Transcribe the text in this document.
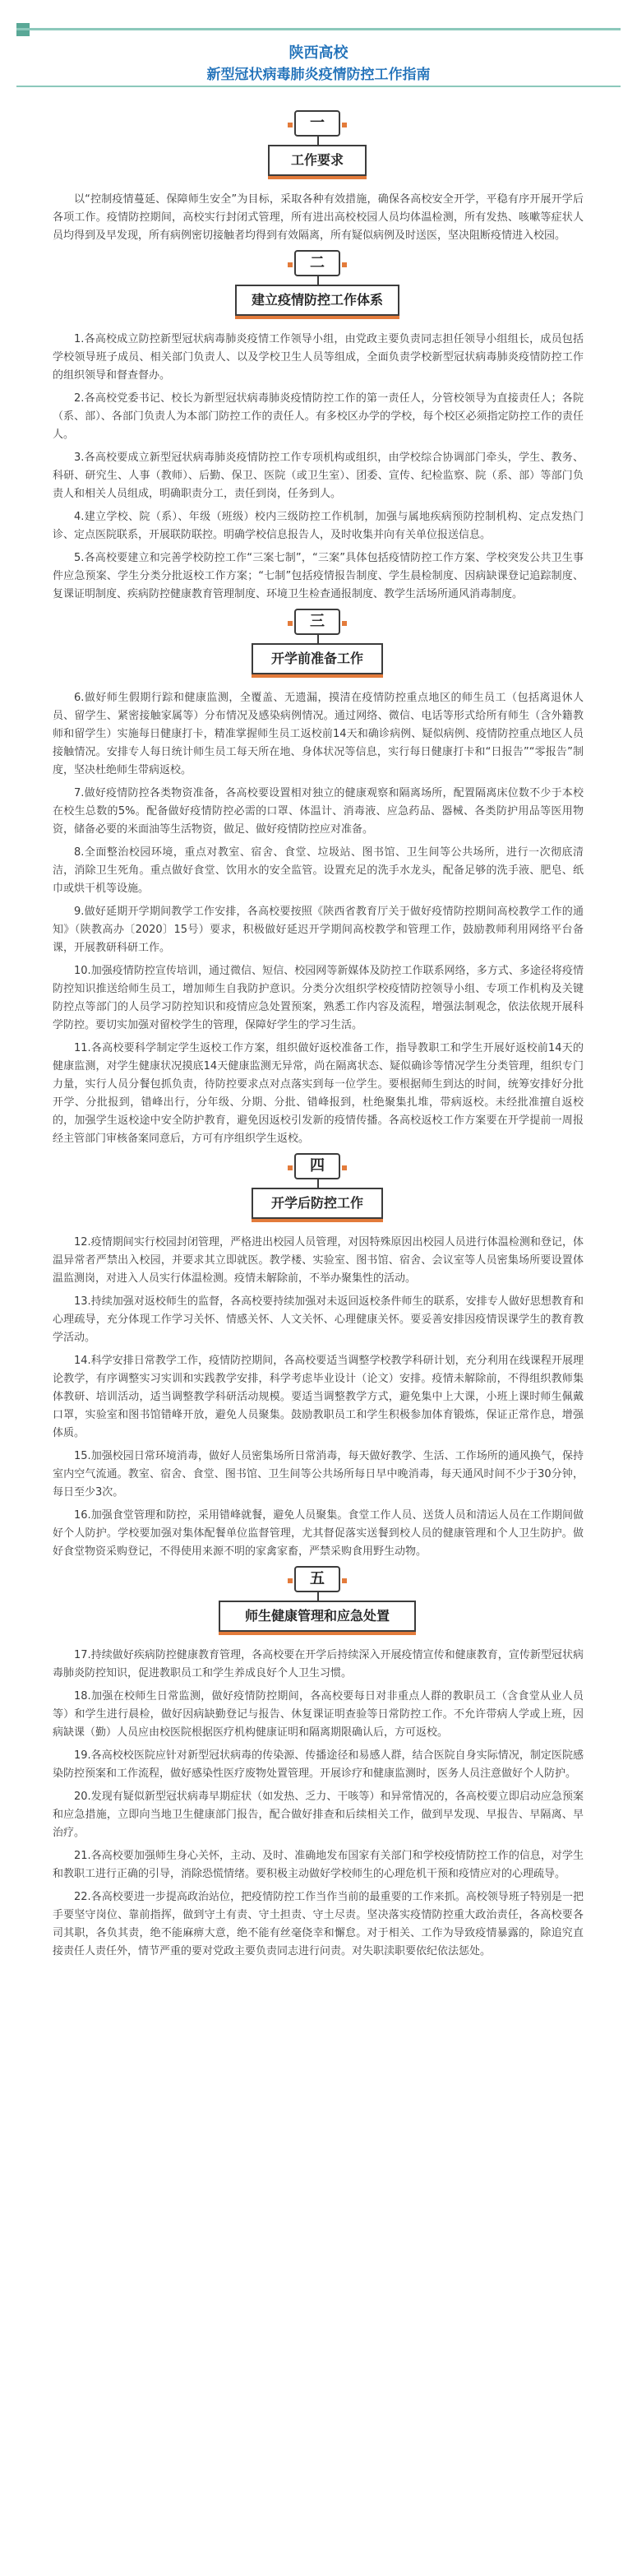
陕西高校
新型冠状病毒肺炎疫情防控工作指南
一
工作要求
以“控制疫情蔓延、保障师生安全”为目标，采取各种有效措施，确保各高校安全开学，平稳有序开展开学后各项工作。疫情防控期间，高校实行封闭式管理，所有进出高校校园人员均体温检测，所有发热、咳嗽等症状人员均得到及早发现，所有病例密切接触者均得到有效隔离，所有疑似病例及时送医，坚决阻断疫情进入校园。
二
建立疫情防控工作体系
1.各高校成立防控新型冠状病毒肺炎疫情工作领导小组，由党政主要负责同志担任领导小组组长，成员包括学校领导班子成员、相关部门负责人、以及学校卫生人员等组成，全面负责学校新型冠状病毒肺炎疫情防控工作的组织领导和督查督办。
2.各高校党委书记、校长为新型冠状病毒肺炎疫情防控工作的第一责任人，分管校领导为直接责任人；各院（系、部）、各部门负责人为本部门防控工作的责任人。有多校区办学的学校，每个校区必须指定防控工作的责任人。
3.各高校要成立新型冠状病毒肺炎疫情防控工作专项机构或组织，由学校综合协调部门牵头，学生、教务、科研、研究生、人事（教师）、后勤、保卫、医院（或卫生室）、团委、宣传、纪检监察、院（系、部）等部门负责人和相关人员组成，明确职责分工，责任到岗，任务到人。
4.建立学校、院（系）、年级（班级）校内三级防控工作机制，加强与属地疾病预防控制机构、定点发热门诊、定点医院联系，开展联防联控。明确学校信息报告人，及时收集并向有关单位报送信息。
5.各高校要建立和完善学校防控工作“三案七制”，“三案”具体包括疫情防控工作方案、学校突发公共卫生事件应急预案、学生分类分批返校工作方案；“七制”包括疫情报告制度、学生晨检制度、因病缺课登记追踪制度、复课证明制度、疾病防控健康教育管理制度、环境卫生检查通报制度、教学生活场所通风消毒制度。
三
开学前准备工作
6.做好师生假期行踪和健康监测，全覆盖、无遗漏，摸清在疫情防控重点地区的师生员工（包括离退休人员、留学生、紧密接触家属等）分布情况及感染病例情况。通过网络、微信、电话等形式给所有师生（含外籍教师和留学生）实施每日健康打卡，精准掌握师生员工返校前14天和确诊病例、疑似病例、疫情防控重点地区人员接触情况。安排专人每日统计师生员工每天所在地、身体状况等信息，实行每日健康打卡和“日报告”“零报告”制度，坚决杜绝师生带病返校。
7.做好疫情防控各类物资准备，各高校要设置相对独立的健康观察和隔离场所，配置隔离床位数不少于本校在校生总数的5%。配备做好疫情防控必需的口罩、体温计、消毒液、应急药品、器械、各类防护用品等医用物资，储备必要的米面油等生活物资，做足、做好疫情防控应对准备。
8.全面整治校园环境，重点对教室、宿舍、食堂、垃圾站、图书馆、卫生间等公共场所，进行一次彻底清洁，消除卫生死角。重点做好食堂、饮用水的安全监管。设置充足的洗手水龙头，配备足够的洗手液、肥皂、纸巾或烘干机等设施。
9.做好延期开学期间教学工作安排，各高校要按照《陕西省教育厅关于做好疫情防控期间高校教学工作的通知》（陕教高办〔2020〕15号）要求，积极做好延迟开学期间高校教学和管理工作，鼓励教师利用网络平台备课，开展教研科研工作。
10.加强疫情防控宣传培训，通过微信、短信、校园网等新媒体及防控工作联系网络，多方式、多途径将疫情防控知识推送给师生员工，增加师生自我防护意识。分类分次组织学校疫情防控领导小组、专项工作机构及关键防控点等部门的人员学习防控知识和疫情应急处置预案，熟悉工作内容及流程，增强法制观念，依法依规开展科学防控。要切实加强对留校学生的管理，保障好学生的学习生活。
11.各高校要科学制定学生返校工作方案，组织做好返校准备工作，指导教职工和学生开展好返校前14天的健康监测，对学生健康状况摸底14天健康监测无异常，尚在隔离状态、疑似确诊等情况学生分类管理，组织专门力量，实行人员分餐包抓负责，待防控要求点对点落实到每一位学生。要根据师生到达的时间，统筹安排好分批开学、分批报到，错峰出行，分年级、分期、分批、错峰报到，杜绝聚集扎堆，带病返校。未经批准擅自返校的，加强学生返校途中安全防护教育，避免因返校引发新的疫情传播。各高校返校工作方案要在开学提前一周报经主管部门审核备案同意后，方可有序组织学生返校。
四
开学后防控工作
12.疫情期间实行校园封闭管理，严格进出校园人员管理，对因特殊原因出校园人员进行体温检测和登记，体温异常者严禁出入校园，并要求其立即就医。教学楼、实验室、图书馆、宿舍、会议室等人员密集场所要设置体温监测岗，对进入人员实行体温检测。疫情未解除前，不举办聚集性的活动。
13.持续加强对返校师生的监督，各高校要持续加强对未返回返校条件师生的联系，安排专人做好思想教育和心理疏导，充分体现工作学习关怀、情感关怀、人文关怀、心理健康关怀。要妥善安排因疫情误课学生的教育教学活动。
14.科学安排日常教学工作，疫情防控期间，各高校要适当调整学校教学科研计划，充分利用在线课程开展理论教学，有序调整实习实训和实践教学安排，科学考虑毕业设计（论文）安排。疫情未解除前，不得组织教师集体教研、培训活动，适当调整教学科研活动规模。要适当调整教学方式，避免集中上大课，小班上课时师生佩戴口罩，实验室和图书馆错峰开放，避免人员聚集。鼓励教职员工和学生积极参加体育锻炼，保证正常作息，增强体质。
15.加强校园日常环境消毒，做好人员密集场所日常消毒，每天做好教学、生活、工作场所的通风换气，保持室内空气流通。教室、宿舍、食堂、图书馆、卫生间等公共场所每日早中晚消毒，每天通风时间不少于30分钟，每日至少3次。
16.加强食堂管理和防控，采用错峰就餐，避免人员聚集。食堂工作人员、送货人员和清运人员在工作期间做好个人防护。学校要加强对集体配餐单位监督管理，尤其督促落实送餐到校人员的健康管理和个人卫生防护。做好食堂物资采购登记，不得使用来源不明的家禽家畜，严禁采购食用野生动物。
五
师生健康管理和应急处置
17.持续做好疾病防控健康教育管理，各高校要在开学后持续深入开展疫情宣传和健康教育，宣传新型冠状病毒肺炎防控知识，促进教职员工和学生养成良好个人卫生习惯。
18.加强在校师生日常监测，做好疫情防控期间，各高校要每日对非重点人群的教职员工（含食堂从业人员等）和学生进行晨检，做好因病缺勤登记与报告、休复课证明查验等日常防控工作。不允许带病人学或上班，因病缺课（勤）人员应由校医院根据医疗机构健康证明和隔离期限确认后，方可返校。
19.各高校校医院应针对新型冠状病毒的传染源、传播途径和易感人群，结合医院自身实际情况，制定医院感染防控预案和工作流程，做好感染性医疗废物处置管理。开展诊疗和健康监测时，医务人员注意做好个人防护。
20.发现有疑似新型冠状病毒早期症状（如发热、乏力、干咳等）和异常情况的，各高校要立即启动应急预案和应急措施，立即向当地卫生健康部门报告，配合做好排查和后续相关工作，做到早发现、早报告、早隔离、早治疗。
21.各高校要加强师生身心关怀，主动、及时、准确地发布国家有关部门和学校疫情防控工作的信息，对学生和教职工进行正确的引导，消除恐慌情绪。要积极主动做好学校师生的心理危机干预和疫情应对的心理疏导。
22.各高校要进一步提高政治站位，把疫情防控工作当作当前的最重要的工作来抓。高校领导班子特别是一把手要坚守岗位、靠前指挥，做到守土有责、守土担责、守土尽责。坚决落实疫情防控重大政治责任，各高校要各司其职，各负其责，绝不能麻痹大意，绝不能有丝毫侥幸和懈怠。对于相关、工作为导致疫情暴露的，除追究直接责任人责任外，情节严重的要对党政主要负责同志进行问责。对失职渎职要依纪依法惩处。
